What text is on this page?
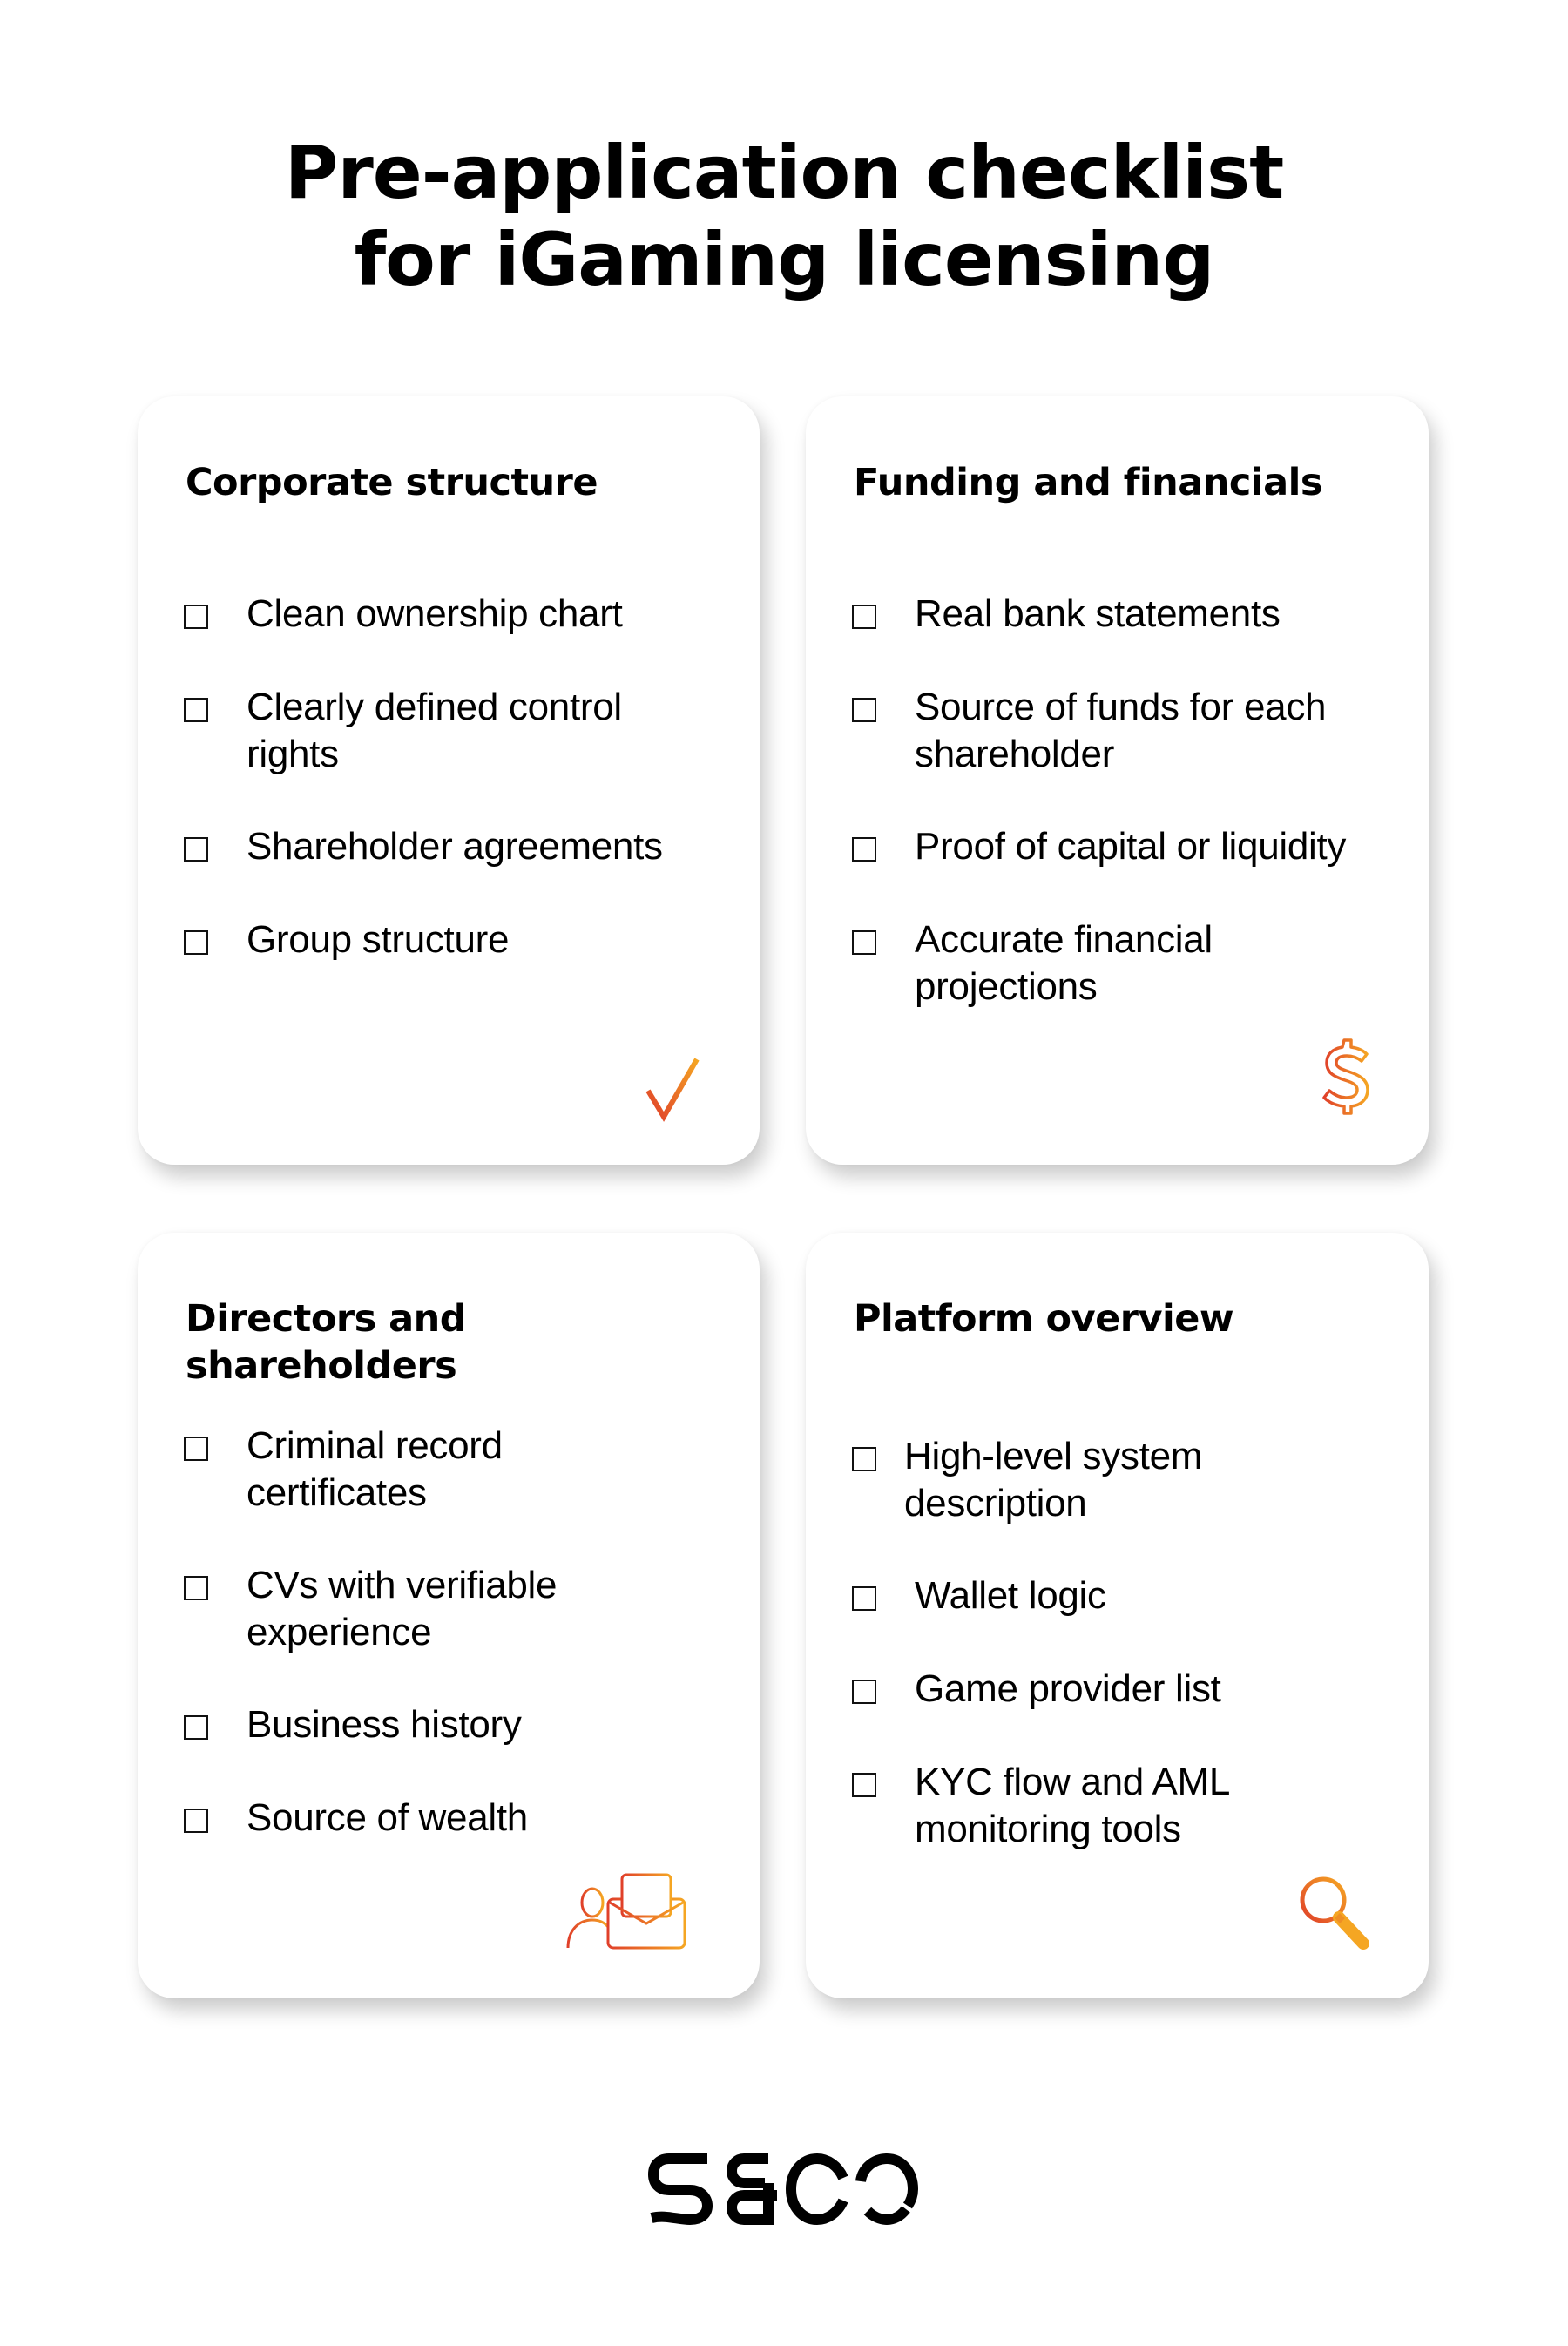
Pre-application checklist
for iGaming licensing
Corporate structure
Clean ownership chart
Clearly defined control rights
Shareholder agreements
Group structure
Funding and financials
Real bank statements
Source of funds for each shareholder
Proof of capital or liquidity
Accurate financial projections
Directors and shareholders
Criminal record certificates
CVs with verifiable experience
Business history
Source of wealth
Platform overview
High-level system description
Wallet logic
Game provider list
KYC flow and AML monitoring tools
